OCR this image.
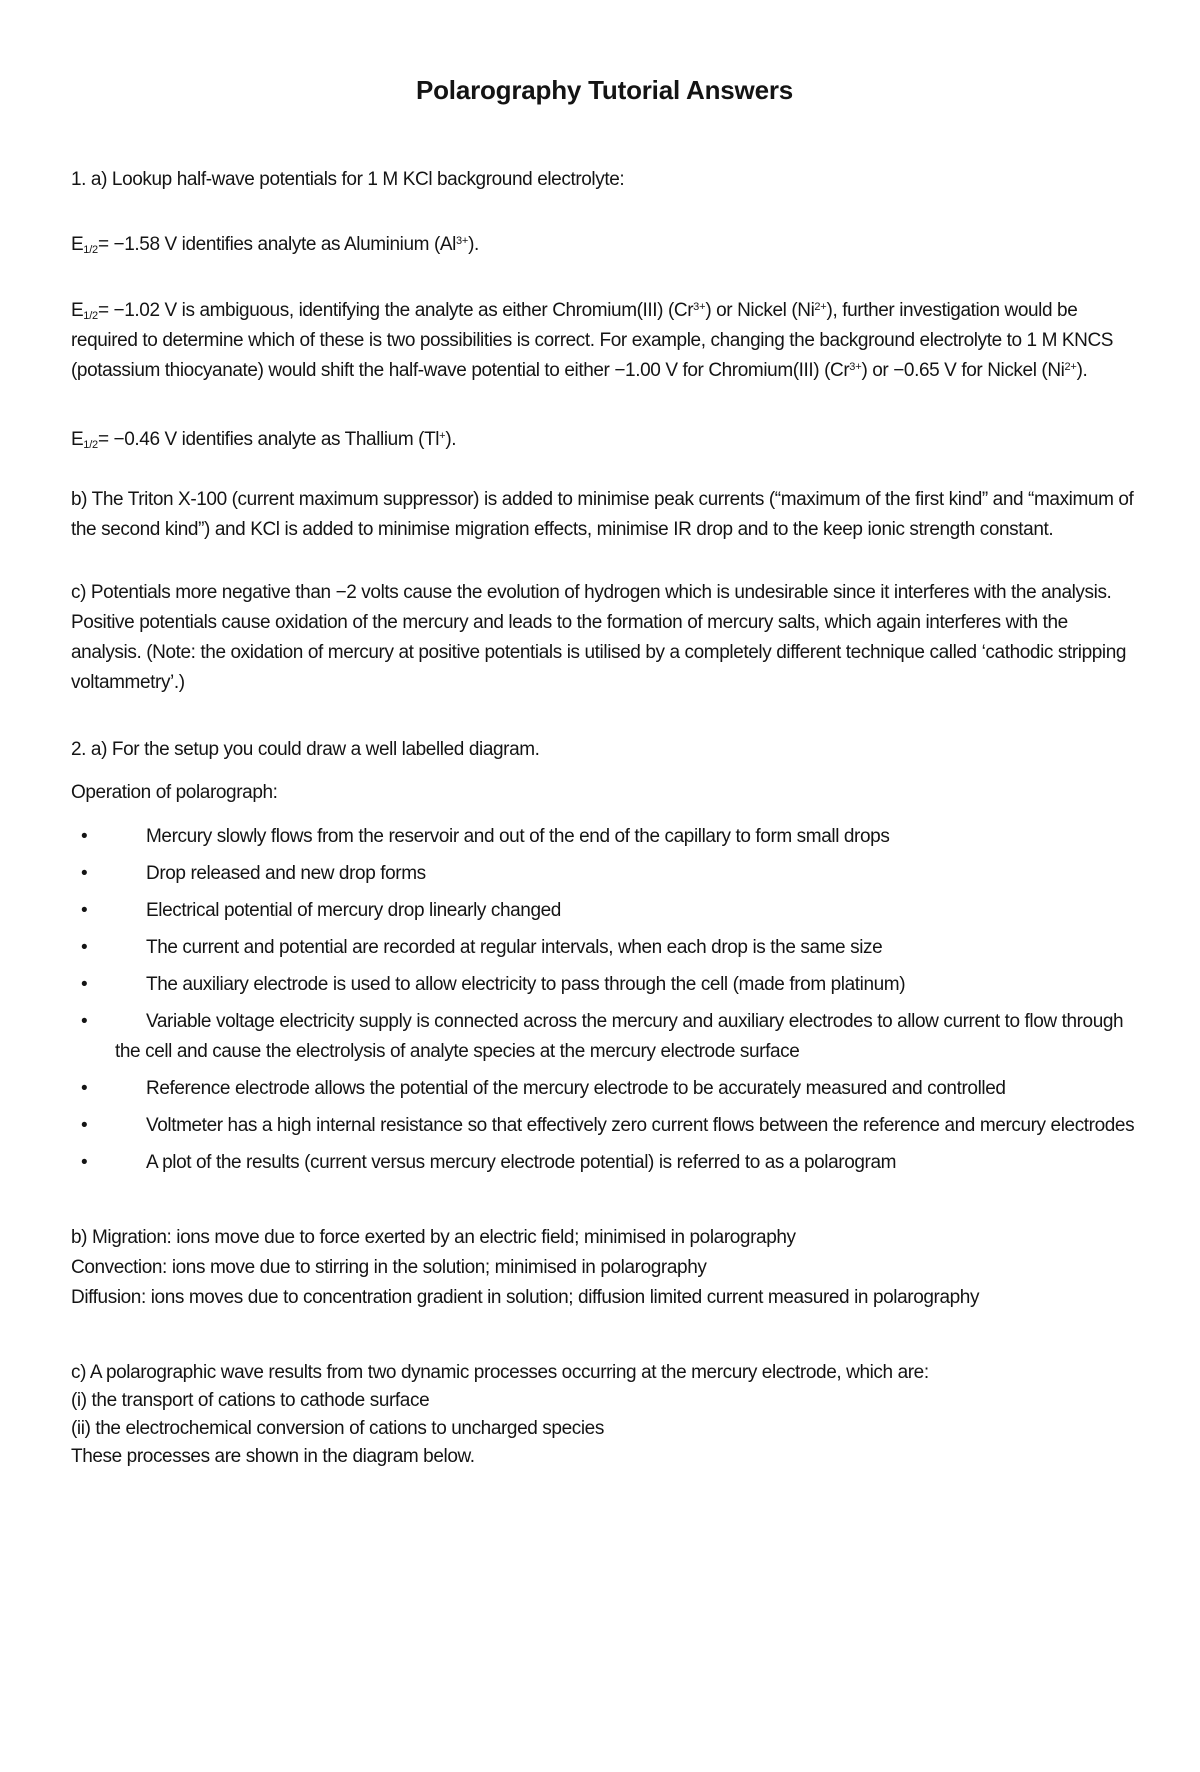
Polarography Tutorial Answers

1. a) Lookup half-wave potentials for 1 M KCl background electrolyte:

$E_{1/2}= -1.58$ V identifies analyte as Aluminium $(Al^{3+})$.

$E_{1/2}= -1.02$ V is ambiguous, identifying the analyte as either Chromium(III) $(Cr^{3+})$ or Nickel $(Ni^{2+})$, further investigation would be required to determine which of these is two possibilities is correct. For example, changing the background electrolyte to 1 M KNCS (potassium thiocyanate) would shift the half-wave potential to either −1.00 V for Chromium(III) $(Cr^{3+})$ or −0.65 V for Nickel $(Ni^{2+})$.

$E_{1/2}= -0.46$ V identifies analyte as Thallium (Tl+).

b) The Triton X-100 (current maximum suppressor) is added to minimise peak currents (“maximum of the first kind” and “maximum of the second kind”) and KCl is added to minimise migration effects, minimise IR drop and to the keep ionic strength constant.

c) Potentials more negative than −2 volts cause the evolution of hydrogen which is undesirable since it interferes with the analysis. Positive potentials cause oxidation of the mercury and leads to the formation of mercury salts, which again interferes with the analysis. (Note: the oxidation of mercury at positive potentials is utilised by a completely different technique called ‘cathodic stripping voltammetry’.)

2. a) For the setup you could draw a well labelled diagram.

Operation of polarograph:

•	Mercury slowly flows from the reservoir and out of the end of the capillary to form small drops
•	Drop released and new drop forms
•	Electrical potential of mercury drop linearly changed
•	The current and potential are recorded at regular intervals, when each drop is the same size
•	The auxiliary electrode is used to allow electricity to pass through the cell (made from platinum)
•	Variable voltage electricity supply is connected across the mercury and auxiliary electrodes to allow current to flow through the cell and cause the electrolysis of analyte species at the mercury electrode surface
•	Reference electrode allows the potential of the mercury electrode to be accurately measured and controlled
•	Voltmeter has a high internal resistance so that effectively zero current flows between the reference and mercury electrodes
•	A plot of the results (current versus mercury electrode potential) is referred to as a polarogram
b) Migration: ions move due to force exerted by an electric field; minimised in polarography
Convection: ions move due to stirring in the solution; minimised in polarography
Diffusion: ions moves due to concentration gradient in solution; diffusion limited current measured in polarography
c) A polarographic wave results from two dynamic processes occurring at the mercury electrode, which are:
(i) the transport of cations to cathode surface
(ii) the electrochemical conversion of cations to uncharged species
These processes are shown in the diagram below.
